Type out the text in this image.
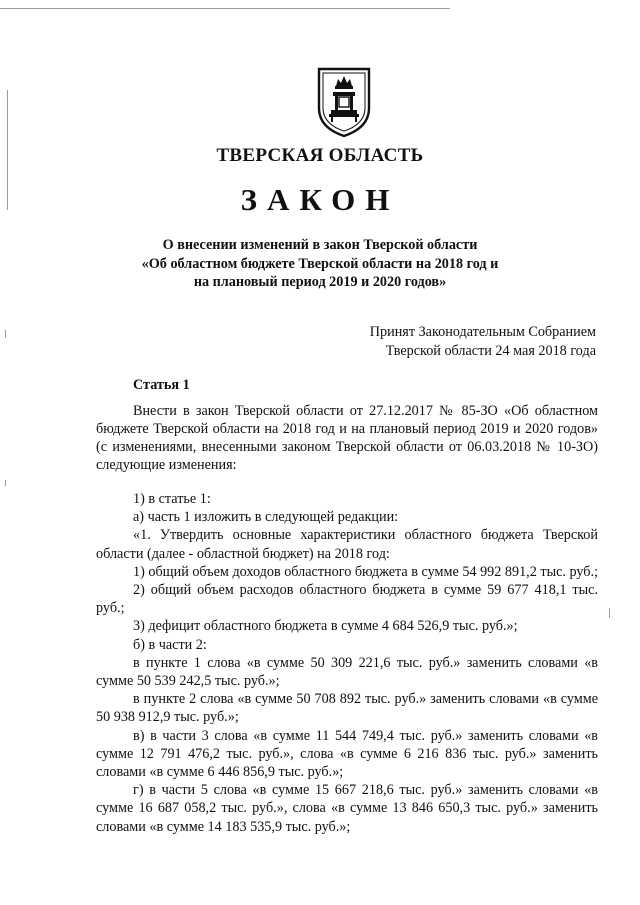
ТВЕРСКАЯ ОБЛАСТЬ
ЗАКОН
О внесении изменений в закон Тверской области
«Об областном бюджете Тверской области на 2018 год и
на плановый период 2019 и 2020 годов»
Принят Законодательным Собранием
Тверской области 24 мая 2018 года
Статья 1
Внести в закон Тверской области от 27.12.2017 № 85-ЗО «Об областном бюджете Тверской области на 2018 год и на плановый период 2019 и 2020 годов» (с изменениями, внесенными законом Тверской области от 06.03.2018 № 10-ЗО) следующие изменения:

1) в статье 1:

а) часть 1 изложить в следующей редакции:

«1. Утвердить основные характеристики областного бюджета Тверской области (далее - областной бюджет) на 2018 год:

1) общий объем доходов областного бюджета в сумме 54 992 891,2 тыс. руб.;

2) общий объем расходов областного бюджета в сумме 59 677 418,1 тыс. руб.;

3) дефицит областного бюджета в сумме 4 684 526,9 тыс. руб.»;

б) в части 2:

в пункте 1 слова «в сумме 50 309 221,6 тыс. руб.» заменить словами «в сумме 50 539 242,5 тыс. руб.»;

в пункте 2 слова «в сумме 50 708 892 тыс. руб.» заменить словами «в сумме 50 938 912,9 тыс. руб.»;

в) в части 3 слова «в сумме 11 544 749,4 тыс. руб.» заменить словами «в сумме 12 791 476,2 тыс. руб.», слова «в сумме 6 216 836 тыс. руб.» заменить словами «в сумме 6 446 856,9 тыс. руб.»;

г) в части 5 слова «в сумме 15 667 218,6 тыс. руб.» заменить словами «в сумме 16 687 058,2 тыс. руб.», слова «в сумме 13 846 650,3 тыс. руб.» заменить словами «в сумме 14 183 535,9 тыс. руб.»;
